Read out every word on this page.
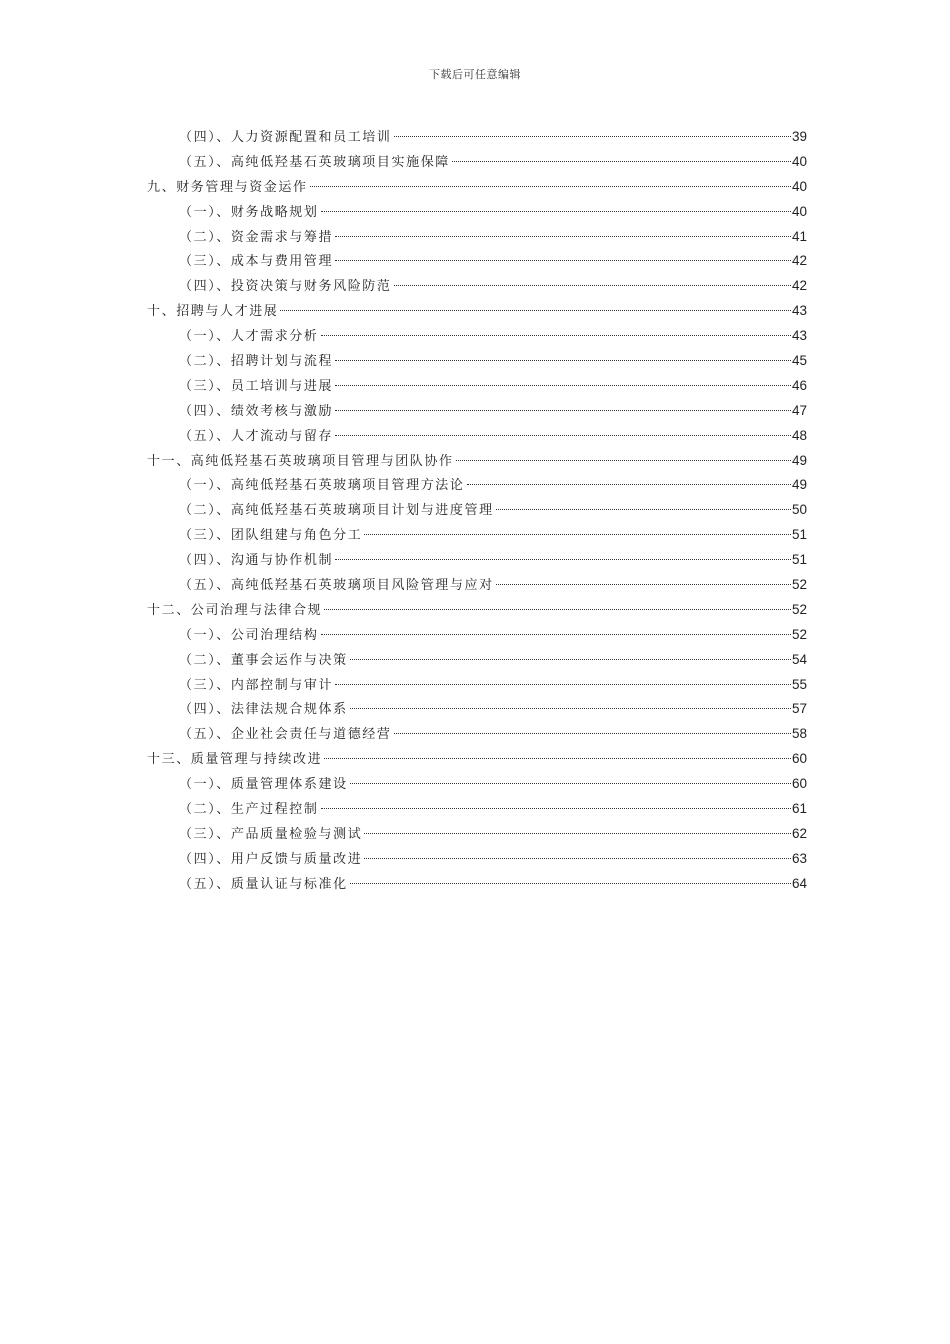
下载后可任意编辑
（四）、人力资源配置和员工培训	39
（五）、高纯低羟基石英玻璃项目实施保障	40
九、财务管理与资金运作	40
（一）、财务战略规划	40
（二）、资金需求与筹措	41
（三）、成本与费用管理	42
（四）、投资决策与财务风险防范	42
十、招聘与人才进展	43
（一）、人才需求分析	43
（二）、招聘计划与流程	45
（三）、员工培训与进展	46
（四）、绩效考核与激励	47
（五）、人才流动与留存	48
十一、高纯低羟基石英玻璃项目管理与团队协作	49
（一）、高纯低羟基石英玻璃项目管理方法论	49
（二）、高纯低羟基石英玻璃项目计划与进度管理	50
（三）、团队组建与角色分工	51
（四）、沟通与协作机制	51
（五）、高纯低羟基石英玻璃项目风险管理与应对	52
十二、公司治理与法律合规	52
（一）、公司治理结构	52
（二）、董事会运作与决策	54
（三）、内部控制与审计	55
（四）、法律法规合规体系	57
（五）、企业社会责任与道德经营	58
十三、质量管理与持续改进	60
（一）、质量管理体系建设	60
（二）、生产过程控制	61
（三）、产品质量检验与测试	62
（四）、用户反馈与质量改进	63
（五）、质量认证与标准化	64
